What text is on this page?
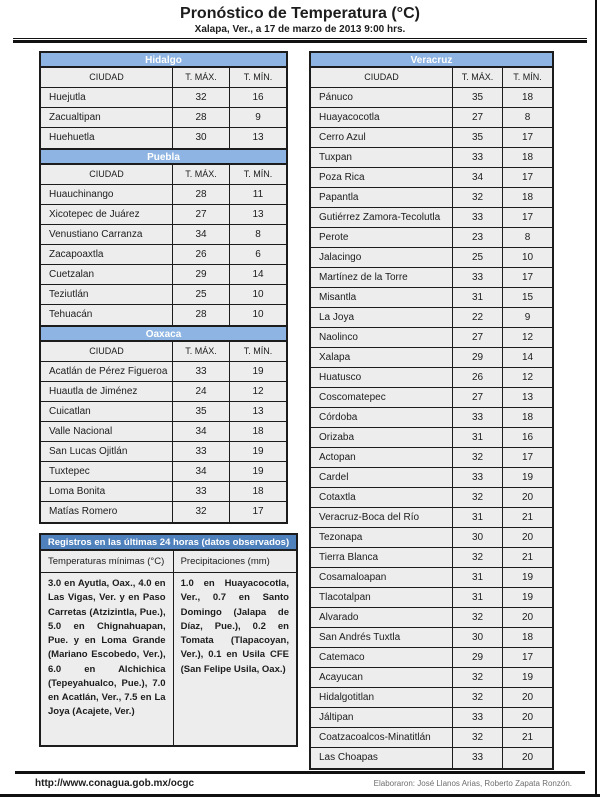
Pronóstico de Temperatura (°C)
Xalapa, Ver., a 17 de marzo de 2013 9:00 hrs.
Hidalgo
CIUDAD	T. MÁX.	T. MÍN.
Huejutla	32	16
Zacualtipan	28	9
Huehuetla	30	13
Puebla
CIUDAD	T. MÁX.	T. MÍN.
Huauchinango	28	11
Xicotepec de Juárez	27	13
Venustiano Carranza	34	8
Zacapoaxtla	26	6
Cuetzalan	29	14
Teziutlán	25	10
Tehuacán	28	10
Oaxaca
CIUDAD	T. MÁX.	T. MÍN.
Acatlán de Pérez Figueroa	33	19
Huautla de Jiménez	24	12
Cuicatlan	35	13
Valle Nacional	34	18
San Lucas Ojitlán	33	19
Tuxtepec	34	19
Loma Bonita	33	18
Matías Romero	32	17
Registros en las últimas 24 horas (datos observados)
Temperaturas mínimas (°C)	Precipitaciones (mm)
3.0 en Ayutla, Oax., 4.0 en Las Vigas, Ver. y en Paso Carretas (Atzizintla, Pue.), 5.0 en Chignahuapan, Pue. y en Loma Grande (Mariano Escobedo, Ver.), 6.0 en Alchichica (Tepeyahualco, Pue.), 7.0 en Acatlán, Ver., 7.5 en La Joya (Acajete, Ver.)
1.0 en Huayacocotla, Ver., 0.7 en Santo Domingo (Jalapa de Díaz, Pue.), 0.2 en Tomata (Tlapacoyan, Ver.), 0.1 en Usila CFE (San Felipe Usila, Oax.)
Veracruz
CIUDAD	T. MÁX.	T. MÍN.
Pánuco	35	18
Huayacocotla	27	8
Cerro Azul	35	17
Tuxpan	33	18
Poza Rica	34	17
Papantla	32	18
Gutiérrez Zamora-Tecolutla	33	17
Perote	23	8
Jalacingo	25	10
Martínez de la Torre	33	17
Misantla	31	15
La Joya	22	9
Naolinco	27	12
Xalapa	29	14
Huatusco	26	12
Coscomatepec	27	13
Córdoba	33	18
Orizaba	31	16
Actopan	32	17
Cardel	33	19
Cotaxtla	32	20
Veracruz-Boca del Río	31	21
Tezonapa	30	20
Tierra Blanca	32	21
Cosamaloapan	31	19
Tlacotalpan	31	19
Alvarado	32	20
San Andrés Tuxtla	30	18
Catemaco	29	17
Acayucan	32	19
Hidalgotitlan	32	20
Jáltipan	33	20
Coatzacoalcos-Minatitlán	32	21
Las Choapas	33	20
http://www.conagua.gob.mx/ocgc	Elaboraron: José Llanos Arias, Roberto Zapata Ronzón.
